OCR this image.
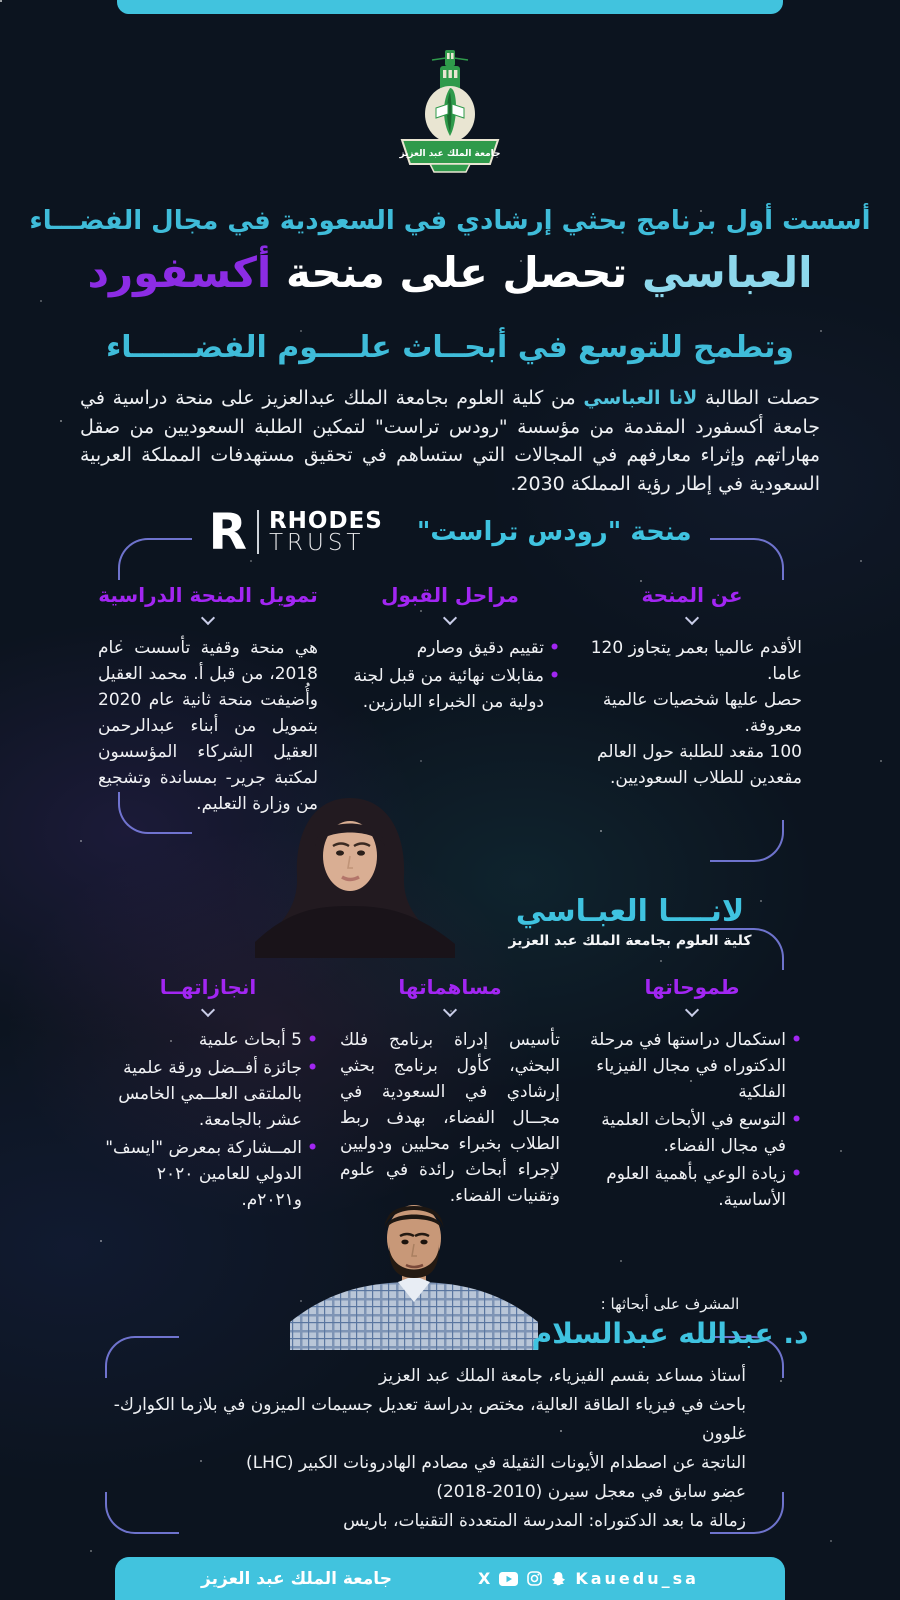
جامعة الملك عبد العزيز
أسست أول برنامج بحثي إرشادي في السعودية في مجال الفضـــاء
العباسي تحصل على منحة أكسفورد
وتطمح للتوسع في أبحــاث علــــوم الفضــــــاء
حصلت الطالبة لانا العباسي من كلية العلوم بجامعة الملك عبدالعزيز على منحة دراسية في جامعة أكسفورد المقدمة من مؤسسة "رودس تراست" لتمكين الطلبة السعوديين من صقل مهاراتهم وإثراء معارفهم في المجالات التي ستساهم في تحقيق مستهدفات المملكة العربية السعودية في إطار رؤية المملكة 2030.
منحة "رودس تراست"
R RHODES
TRUST
عن المنحة
الأقدم عالميا بعمر يتجاوز 120 عاما.
حصل عليها شخصيات عالمية معروفة.
100 مقعد للطلبة حول العالم مقعدين للطلاب السعوديين.
مراحل القبول
• تقييم دقيق وصارم
• مقابلات نهائية من قبل لجنة دولية من الخبراء البارزين.
تمويل المنحة الدراسية
هي منحة وقفية تأسست عام 2018، من قبل أ. محمد العقيل وأُضيفت منحة ثانية عام 2020 بتمويل من أبناء عبدالرحمن العقيل الشركاء المؤسسون لمكتبة جرير- بمساندة وتشجيع من وزارة التعليم.
لانــــا العبـاسي
كلية العلوم بجامعة الملك عبد العزيز
طموحاتها
• استكمال دراستها في مرحلة الدكتوراه في مجال الفيزياء الفلكية
• التوسع في الأبحاث العلمية في مجال الفضاء.
• زيادة الوعي بأهمية العلوم الأساسية.
مساهماتها
تأسيس إدراة برنامج فلك البحثي، كأول برنامج بحثي إرشادي في السعودية في مجــال الفضاء، بهدف ربط الطلاب بخبراء محليين ودوليين لإجراء أبحاث رائدة في علوم وتقنيات الفضاء.
انجازاتهــا
• 5 أبحاث علمية
• جائزة أفــضل ورقة علمية بالملتقى العلــمي الخامس عشر بالجامعة.
• المــشاركة بمعرض "ايسف" الدولي للعامين ٢٠٢٠ و٢٠٢١م.
المشرف على أبحاثها :
د. عبدالله عبدالسلام
أستاذ مساعد بقسم الفيزياء، جامعة الملك عبد العزيز
باحث في فيزياء الطاقة العالية، مختص بدراسة تعديل جسيمات الميزون في بلازما الكوارك-غلوون
الناتجة عن اصطدام الأيونات الثقيلة في مصادم الهادرونات الكبير (LHC)
عضو سابق في معجل سيرن (2010-2018)
زمالة ما بعد الدكتوراه: المدرسة المتعددة التقنيات، باريس
جامعة الملك عبد العزيز	X	Kauedu_sa
